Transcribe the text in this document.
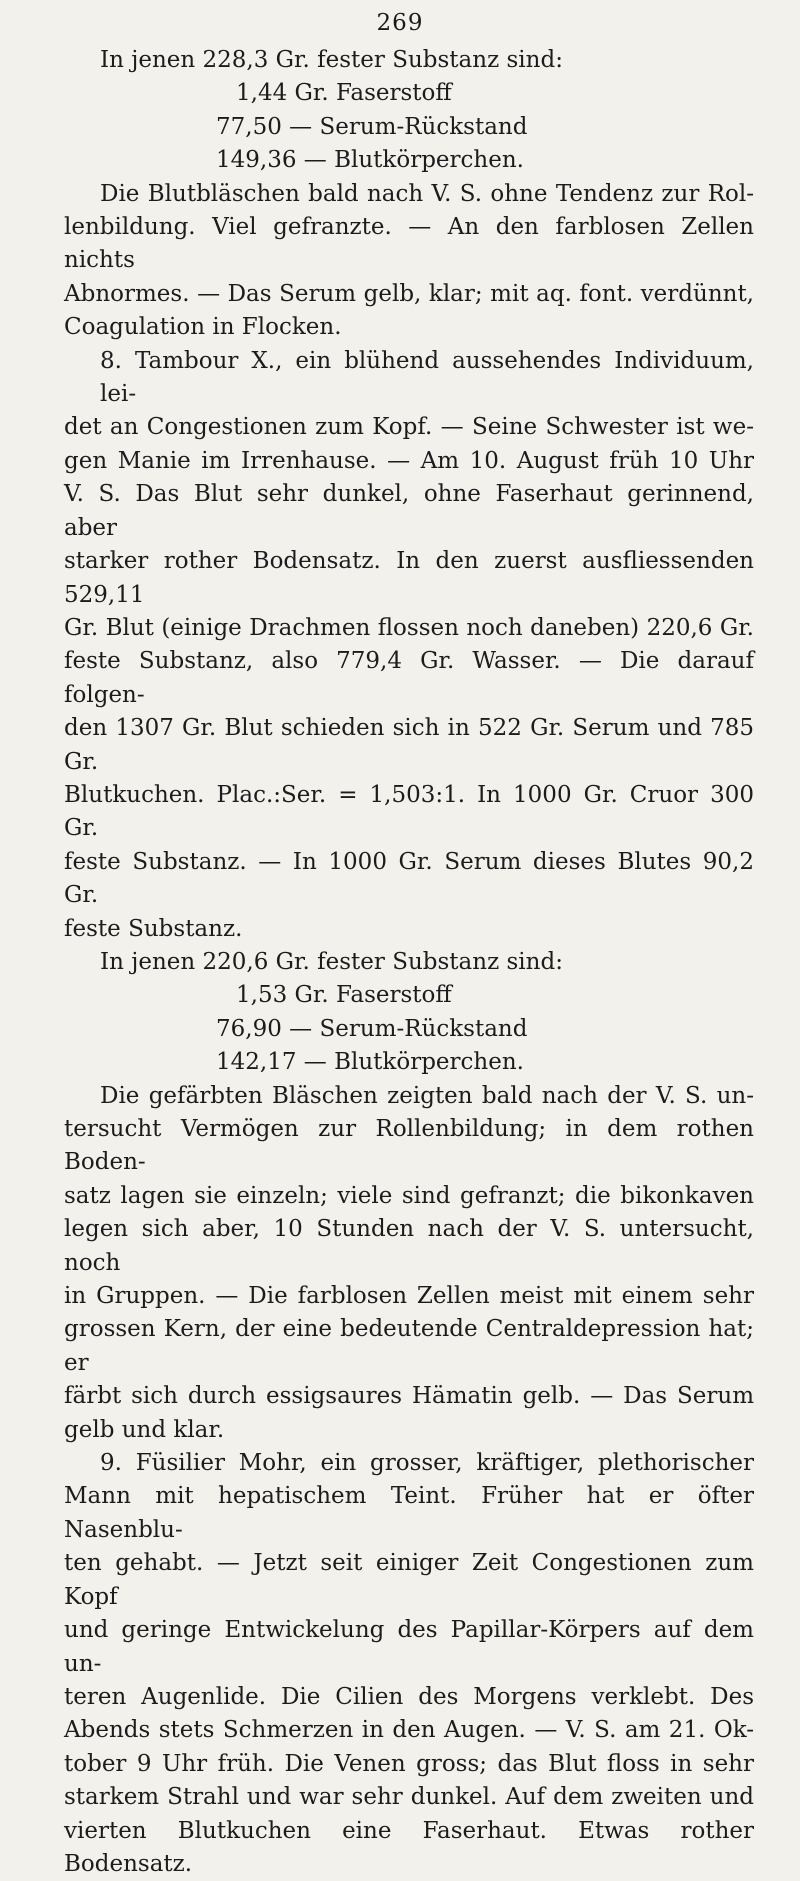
269
In jenen 228,3 Gr. fester Substanz sind:
1,44 Gr. Faserstoff
77,50 — Serum-Rückstand
149,36 — Blutkörperchen.
Die Blutbläschen bald nach V. S. ohne Tendenz zur Rol-
lenbildung. Viel gefranzte. — An den farblosen Zellen nichts
Abnormes. — Das Serum gelb, klar; mit aq. font. verdünnt,
Coagulation in Flocken.
8. Tambour X., ein blühend aussehendes Individuum, lei-
det an Congestionen zum Kopf. — Seine Schwester ist we-
gen Manie im Irrenhause. — Am 10. August früh 10 Uhr
V. S. Das Blut sehr dunkel, ohne Faserhaut gerinnend, aber
starker rother Bodensatz. In den zuerst ausfliessenden 529,11
Gr. Blut (einige Drachmen flossen noch daneben) 220,6 Gr.
feste Substanz, also 779,4 Gr. Wasser. — Die darauf folgen-
den 1307 Gr. Blut schieden sich in 522 Gr. Serum und 785 Gr.
Blutkuchen. Plac.:Ser. = 1,503:1. In 1000 Gr. Cruor 300 Gr.
feste Substanz. — In 1000 Gr. Serum dieses Blutes 90,2 Gr.
feste Substanz.
In jenen 220,6 Gr. fester Substanz sind:
1,53 Gr. Faserstoff
76,90 — Serum-Rückstand
142,17 — Blutkörperchen.
Die gefärbten Bläschen zeigten bald nach der V. S. un-
tersucht Vermögen zur Rollenbildung; in dem rothen Boden-
satz lagen sie einzeln; viele sind gefranzt; die bikonkaven
legen sich aber, 10 Stunden nach der V. S. untersucht, noch
in Gruppen. — Die farblosen Zellen meist mit einem sehr
grossen Kern, der eine bedeutende Centraldepression hat; er
färbt sich durch essigsaures Hämatin gelb. — Das Serum
gelb und klar.
9. Füsilier Mohr, ein grosser, kräftiger, plethorischer
Mann mit hepatischem Teint. Früher hat er öfter Nasenblu-
ten gehabt. — Jetzt seit einiger Zeit Congestionen zum Kopf
und geringe Entwickelung des Papillar-Körpers auf dem un-
teren Augenlide. Die Cilien des Morgens verklebt. Des
Abends stets Schmerzen in den Augen. — V. S. am 21. Ok-
tober 9 Uhr früh. Die Venen gross; das Blut floss in sehr
starkem Strahl und war sehr dunkel. Auf dem zweiten und
vierten Blutkuchen eine Faserhaut. Etwas rother Bodensatz.
